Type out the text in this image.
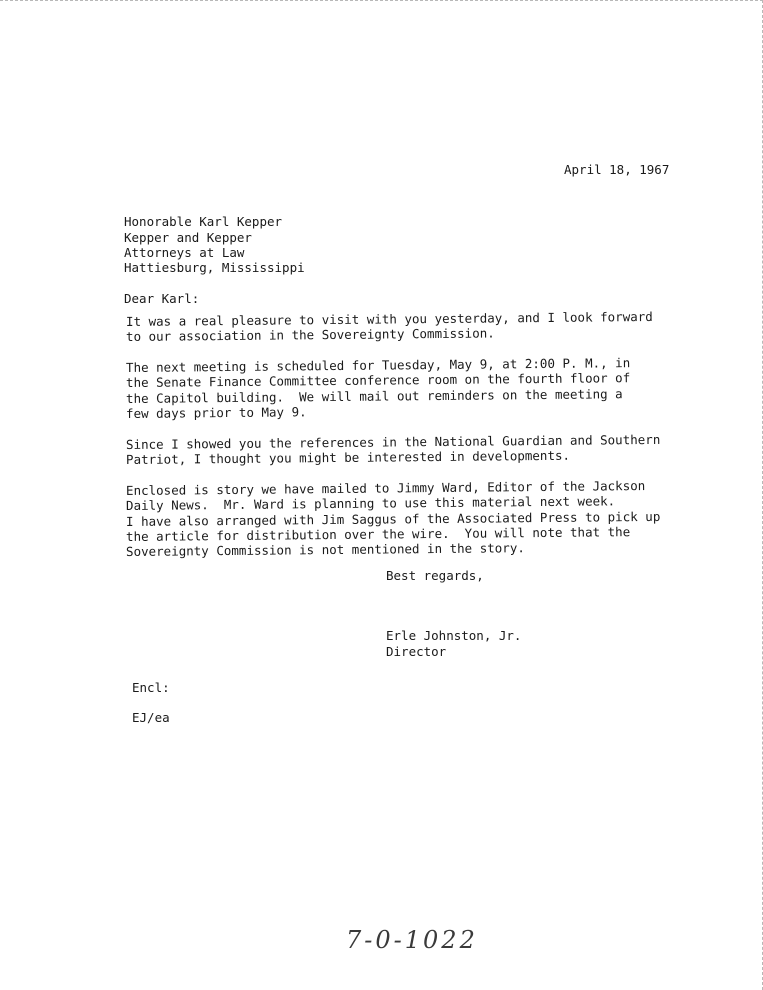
April 18, 1967
Honorable Karl Kepper
Kepper and Kepper
Attorneys at Law
Hattiesburg, Mississippi
Dear Karl:
It was a real pleasure to visit with you yesterday, and I look forward
to our association in the Sovereignty Commission.
The next meeting is scheduled for Tuesday, May 9, at 2:00 P. M., in
the Senate Finance Committee conference room on the fourth floor of
the Capitol building.  We will mail out reminders on the meeting a
few days prior to May 9.
Since I showed you the references in the National Guardian and Southern
Patriot, I thought you might be interested in developments.
Enclosed is story we have mailed to Jimmy Ward, Editor of the Jackson
Daily News.  Mr. Ward is planning to use this material next week.
I have also arranged with Jim Saggus of the Associated Press to pick up
the article for distribution over the wire.  You will note that the
Sovereignty Commission is not mentioned in the story.
Best regards,
Erle Johnston, Jr.
Director
Encl:
EJ/ea
7-0-1022
